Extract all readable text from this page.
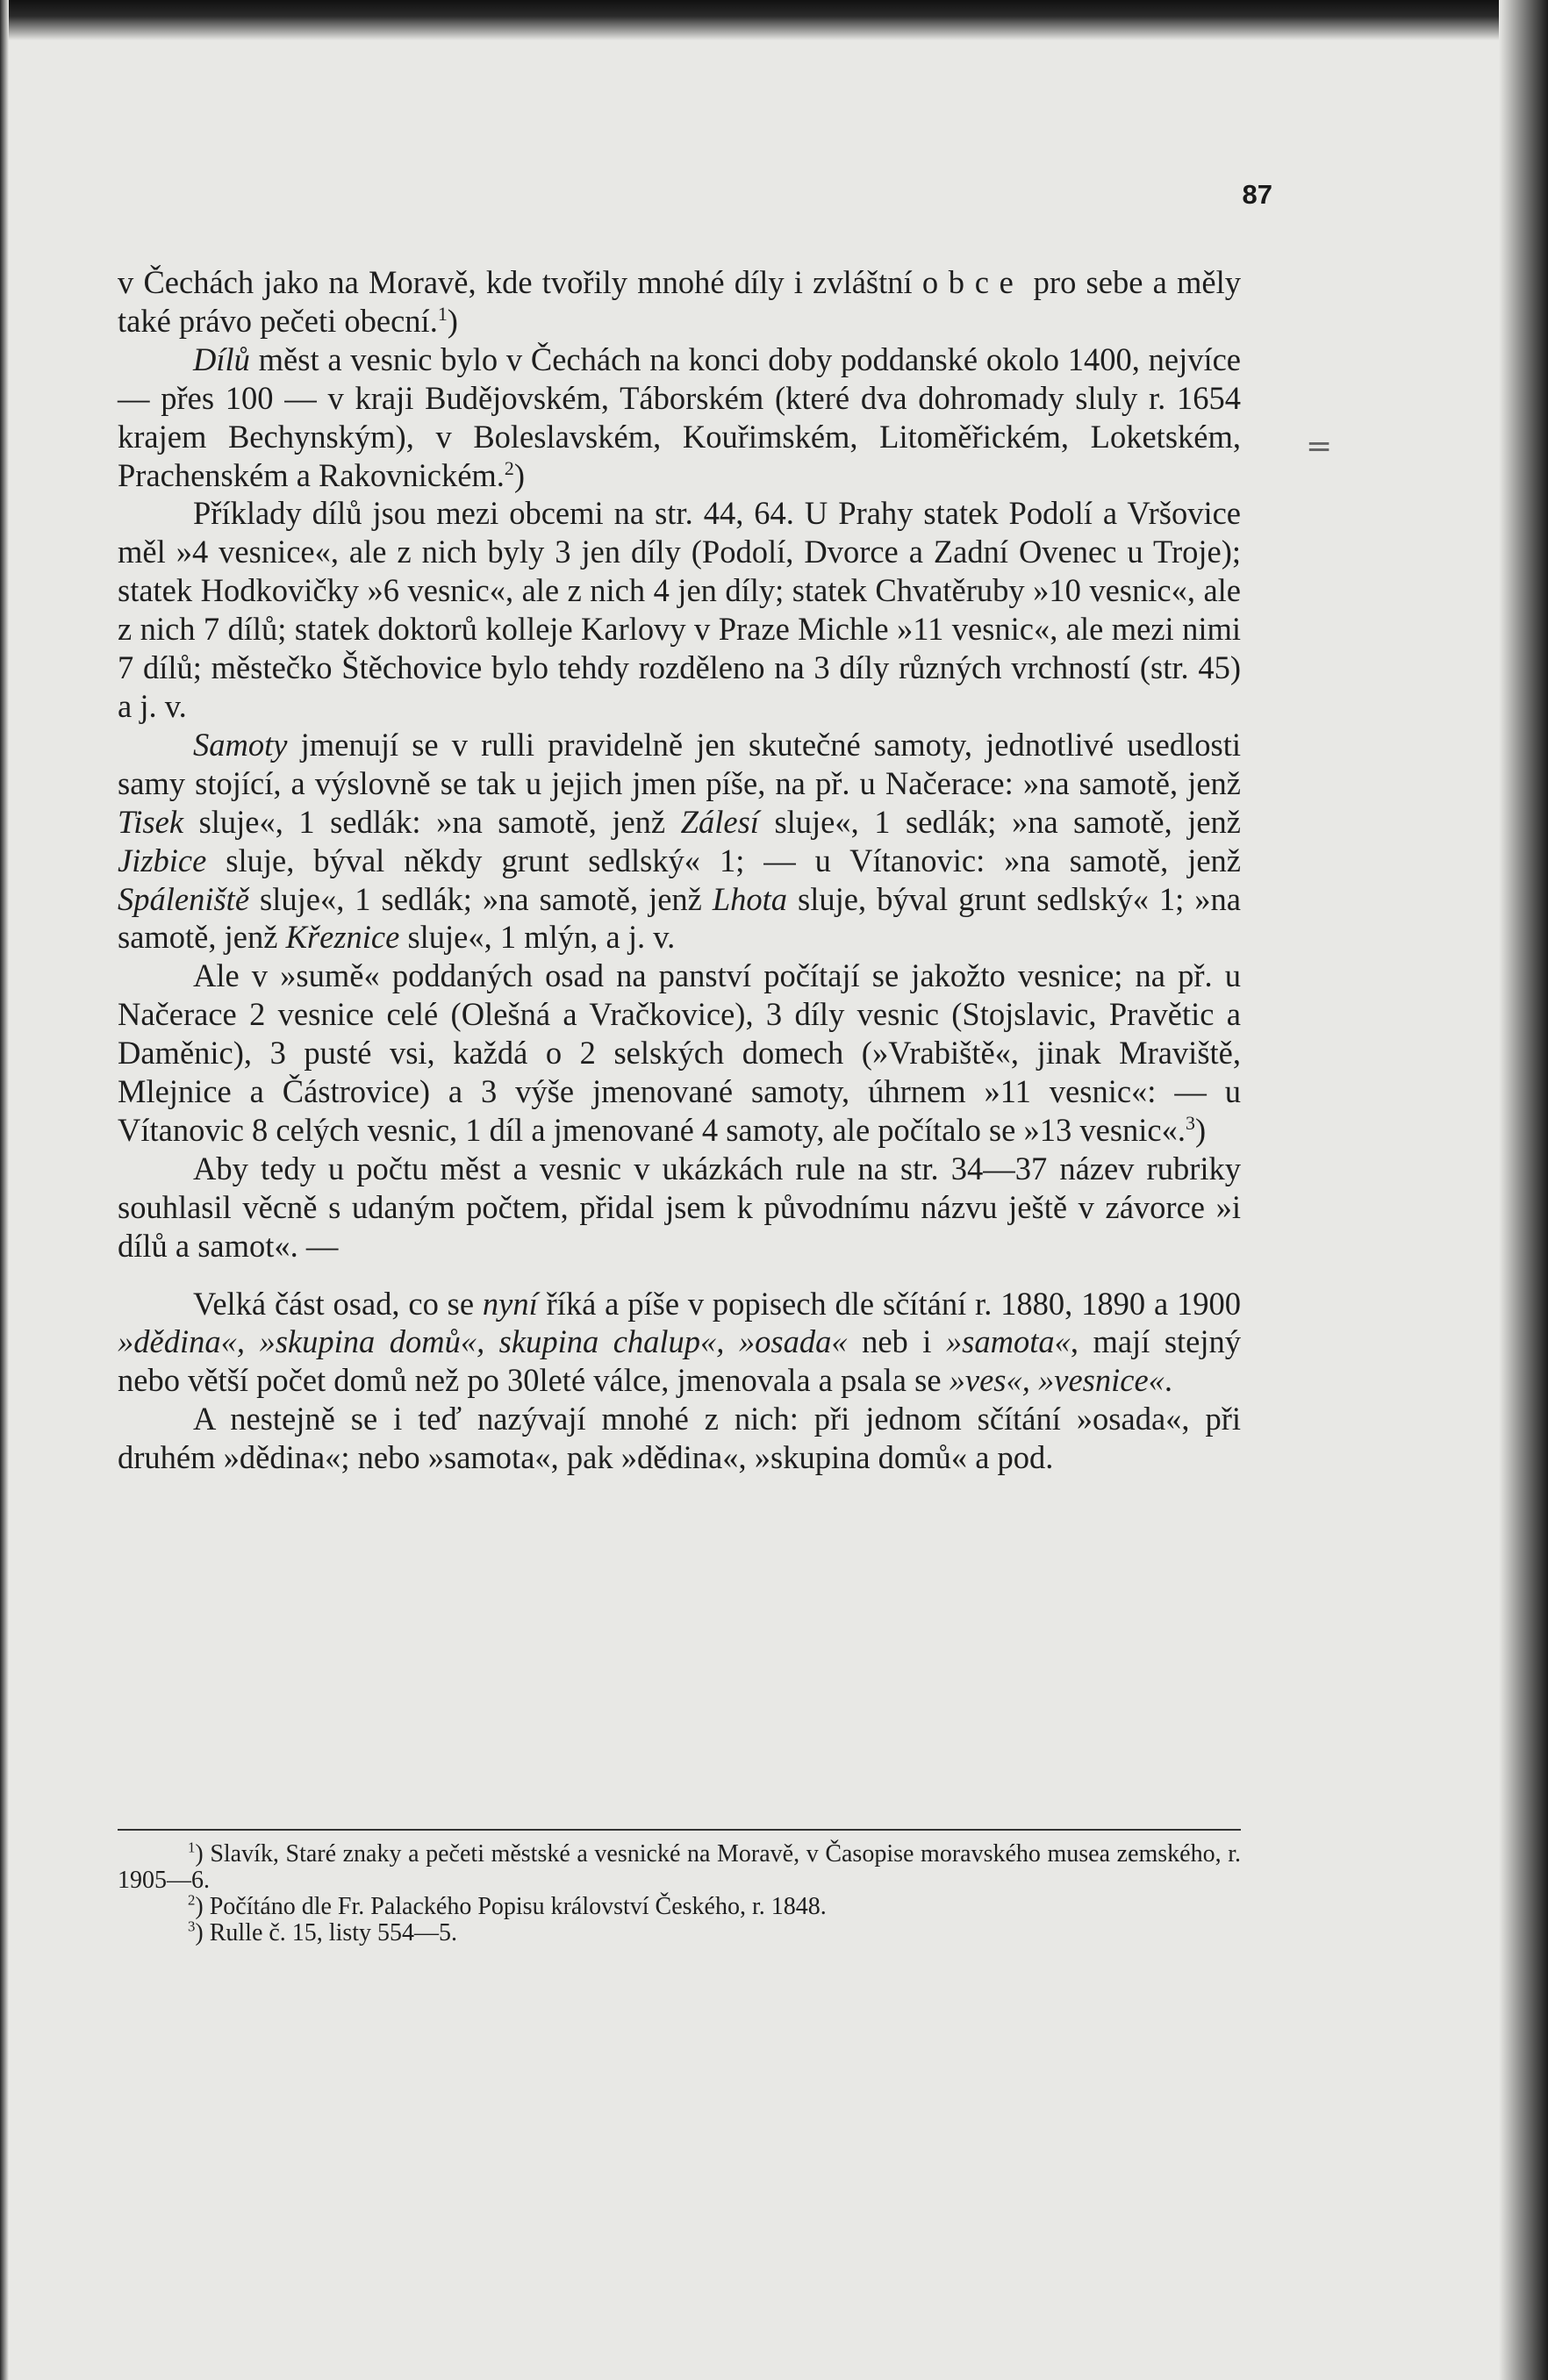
87
=

v Čechách jako na Moravě, kde tvořily mnohé díly i zvláštní obce pro sebe a měly také právo pečeti obecní.$^1$)

Dílů měst a vesnic bylo v Čechách na konci doby poddanské okolo 1400, nejvíce — přes 100 — v kraji Budějovském, Táborském (které dva dohromady sluly r. 1654 krajem Bechynským), v Boleslavském, Kouřimském, Litoměřickém, Loketském, Prachenském a Rakovnickém.$^2$)

Příklady dílů jsou mezi obcemi na str. 44, 64. U Prahy statek Podolí a Vršovice měl »4 vesnice«, ale z nich byly 3 jen díly (Podolí, Dvorce a Zadní Ovenec u Troje); statek Hodkovičky »6 vesnic«, ale z nich 4 jen díly; statek Chvatěruby »10 vesnic«, ale z nich 7 dílů; statek doktorů kolleje Karlovy v Praze Michle »11 vesnic«, ale mezi nimi 7 dílů; městečko Štěchovice bylo tehdy rozděleno na 3 díly různých vrchností (str. 45) a j. v.

Samoty jmenují se v rulli pravidelně jen skutečné samoty, jednotlivé usedlosti samy stojící, a výslovně se tak u jejich jmen píše, na př. u Načerace: »na samotě, jenž Tisek sluje«, 1 sedlák: »na samotě, jenž Zálesí sluje«, 1 sedlák; »na samotě, jenž Jizbice sluje, býval někdy grunt sedlský« 1; — u Vítanovic: »na samotě, jenž Spáleniště sluje«, 1 sedlák; »na samotě, jenž Lhota sluje, býval grunt sedlský« 1; »na samotě, jenž Křeznice sluje«, 1 mlýn, a j. v.

Ale v »sumě« poddaných osad na panství počítají se jakožto vesnice; na př. u Načerace 2 vesnice celé (Olešná a Vračkovice), 3 díly vesnic (Stojslavic, Pravětic a Daměnic), 3 pusté vsi, každá o 2 selských domech (»Vrabiště«, jinak Mraviště, Mlejnice a Částrovice) a 3 výše jmenované samoty, úhrnem »11 vesnic«: — u Vítanovic 8 celých vesnic, 1 díl a jmenované 4 samoty, ale počítalo se »13 vesnic«.$^3$)

Aby tedy u počtu měst a vesnic v ukázkách rule na str. 34—37 název rubriky souhlasil věcně s udaným počtem, přidal jsem k původnímu názvu ještě v závorce »i dílů a samot«. —

Velká část osad, co se nyní říká a píše v popisech dle sčítání r. 1880, 1890 a 1900 »dědina«, »skupina domů«, skupina chalup«, »osada« neb i »samota«, mají stejný nebo větší počet domů než po 30leté válce, jmenovala a psala se »ves«, »vesnice«.

A nestejně se i teď nazývají mnohé z nich: při jednom sčítání »osada«, při druhém »dědina«; nebo »samota«, pak »dědina«, »skupina domů« a pod.

$^1$) Slavík, Staré znaky a pečeti městské a vesnické na Moravě, v Časopise moravského musea zemského, r. 1905—6.

$^2$) Počítáno dle Fr. Palackého Popisu království Českého, r. 1848.

$^3$) Rulle č. 15, listy 554—5.
